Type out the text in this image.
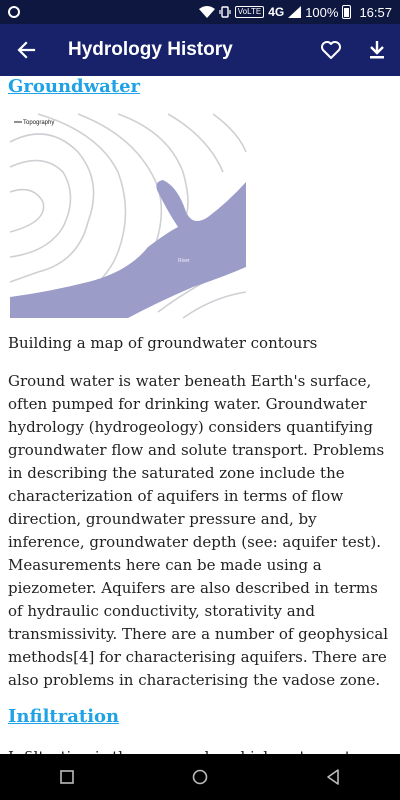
VoLTE 4G 100% 16:57
Hydrology History
Groundwater
Topography
River
Building a map of groundwater contours

Ground water is water beneath Earth's surface, often pumped for drinking water. Groundwater hydrology (hydrogeology) considers quantifying groundwater flow and solute transport. Problems in describing the saturated zone include the characterization of aquifers in terms of flow direction, groundwater pressure and, by inference, groundwater depth (see: aquifer test). Measurements here can be made using a piezometer. Aquifers are also described in terms of hydraulic conductivity, storativity and transmissivity. There are a number of geophysical methods[4] for characterising aquifers. There are also problems in characterising the vadose zone.

Infiltration
